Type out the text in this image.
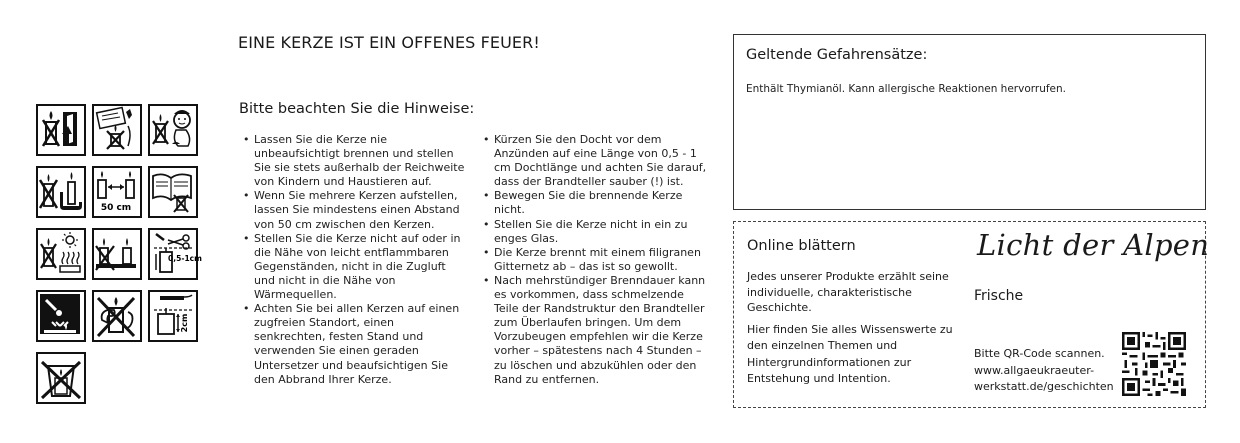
EINE KERZE IST EIN OFFENES FEUER!
50 cm
0,5-1cm
2cm
Bitte beachten Sie die Hinweise:
• Lassen Sie die Kerze nie unbeaufsichtigt brennen und stellen Sie sie stets außerhalb der Reichweite von Kindern und Haustieren auf.
• Wenn Sie mehrere Kerzen aufstellen, lassen Sie mindestens einen Abstand von 50 cm zwischen den Kerzen.
• Stellen Sie die Kerze nicht auf oder in die Nähe von leicht entflammbaren Gegenständen, nicht in die Zugluft und nicht in die Nähe von Wärmequellen.
• Achten Sie bei allen Kerzen auf einen zugfreien Standort, einen senkrechten, festen Stand und verwenden Sie einen geraden Untersetzer und beaufsichtigen Sie den Abbrand Ihrer Kerze.
• Kürzen Sie den Docht vor dem Anzünden auf eine Länge von 0,5 - 1 cm Dochtlänge und achten Sie darauf, dass der Brandteller sauber (!) ist.
• Bewegen Sie die brennende Kerze nicht.
• Stellen Sie die Kerze nicht in ein zu enges Glas.
• Die Kerze brennt mit einem filigranen Gitternetz ab – das ist so gewollt.
• Nach mehrstündiger Brenndauer kann es vorkommen, dass schmelzende Teile der Randstruktur den Brandteller zum Überlaufen bringen. Um dem Vorzubeugen empfehlen wir die Kerze vorher – spätestens nach 4 Stunden – zu löschen und abzukühlen oder den Rand zu entfernen.
Geltende Gefahrensätze:
Enthält Thymianöl. Kann allergische Reaktionen hervorrufen.
Online blättern
Jedes unserer Produkte erzählt seine individuelle, charakteristische Geschichte.
Hier finden Sie alles Wissenswerte zu den einzelnen Themen und Hintergrundinformationen zur Entstehung und Intention.
Licht der Alpen
Frische
Bitte QR-Code scannen.
www.allgaeukraeuter-werkstatt.de/geschichten
